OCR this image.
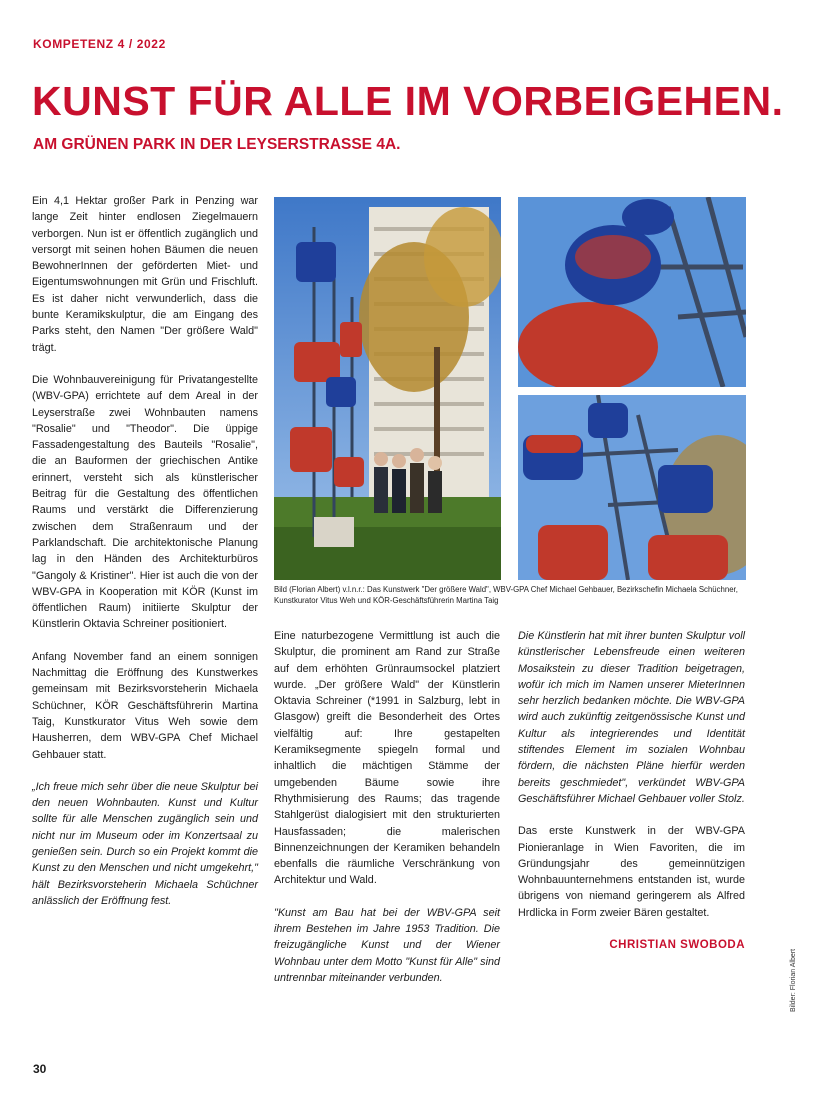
KOMPETENZ 4 / 2022
KUNST FÜR ALLE IM VORBEIGEHEN.
AM GRÜNEN PARK IN DER LEYSERSTRASSE 4A.

Ein 4,1 Hektar großer Park in Penzing war lange Zeit hinter endlosen Ziegelmauern verborgen. Nun ist er öffentlich zugänglich und versorgt mit seinen hohen Bäumen die neuen BewohnerInnen der geförderten Miet- und Eigentumswohnungen mit Grün und Frischluft. Es ist daher nicht verwunderlich, dass die bunte Keramikskulptur, die am Eingang des Parks steht, den Namen "Der größere Wald" trägt.

Die Wohnbauvereinigung für Privatangestellte (WBV-GPA) errichtete auf dem Areal in der Leyserstraße zwei Wohnbauten namens "Rosalie" und "Theodor". Die üppige Fassadengestaltung des Bauteils "Rosalie", die an Bauformen der griechischen Antike erinnert, versteht sich als künstlerischer Beitrag für die Gestaltung des öffentlichen Raums und verstärkt die Differenzierung zwischen dem Straßenraum und der Parklandschaft. Die architektonische Planung lag in den Händen des Architekturbüros "Gangoly & Kristiner". Hier ist auch die von der WBV-GPA in Kooperation mit KÖR (Kunst im öffentlichen Raum) initiierte Skulptur der Künstlerin Oktavia Schreiner positioniert.

Anfang November fand an einem sonnigen Nachmittag die Eröffnung des Kunstwerkes gemeinsam mit Bezirksvorsteherin Michaela Schüchner, KÖR Geschäftsführerin Martina Taig, Kunstkurator Vitus Weh sowie dem Hausherren, dem WBV-GPA Chef Michael Gehbauer statt.

„Ich freue mich sehr über die neue Skulptur bei den neuen Wohnbauten. Kunst und Kultur sollte für alle Menschen zugänglich sein und nicht nur im Museum oder im Konzertsaal zu genießen sein. Durch so ein Projekt kommt die Kunst zu den Menschen und nicht umgekehrt," hält Bezirksvorsteherin Michaela Schüchner anlässlich der Eröffnung fest.

Bild (Florian Albert) v.l.n.r.: Das Kunstwerk "Der größere Wald", WBV-GPA Chef Michael Gehbauer, Bezirkschefin Michaela Schüchner, Kunstkurator Vitus Weh und KÖR-Geschäftsführerin Martina Taig

Eine naturbezogene Vermittlung ist auch die Skulptur, die prominent am Rand zur Straße auf dem erhöhten Grünraumsockel platziert wurde. „Der größere Wald" der Künstlerin Oktavia Schreiner (*1991 in Salzburg, lebt in Glasgow) greift die Besonderheit des Ortes vielfältig auf: Ihre gestapelten Keramiksegmente spiegeln formal und inhaltlich die mächtigen Stämme der umgebenden Bäume sowie ihre Rhythmisierung des Raums; das tragende Stahlgerüst dialogisiert mit den strukturierten Hausfassaden; die malerischen Binnenzeichnungen der Keramiken behandeln ebenfalls die räumliche Verschränkung von Architektur und Wald.

"Kunst am Bau hat bei der WBV-GPA seit ihrem Bestehen im Jahre 1953 Tradition. Die freizugängliche Kunst und der Wiener Wohnbau unter dem Motto "Kunst für Alle" sind untrennbar miteinander verbunden.

Die Künstlerin hat mit ihrer bunten Skulptur voll künstlerischer Lebensfreude einen weiteren Mosaikstein zu dieser Tradition beigetragen, wofür ich mich im Namen unserer MieterInnen sehr herzlich bedanken möchte. Die WBV-GPA wird auch zukünftig zeitgenössische Kunst und Kultur als integrierendes und Identität stiftendes Element im sozialen Wohnbau fördern, die nächsten Pläne hierfür werden bereits geschmiedet", verkündet WBV-GPA Geschäftsführer Michael Gehbauer voller Stolz.

Das erste Kunstwerk in der WBV-GPA Pionieranlage in Wien Favoriten, die im Gründungsjahr des gemeinnützigen Wohnbauunternehmens entstanden ist, wurde übrigens von niemand geringerem als Alfred Hrdlicka in Form zweier Bären gestaltet.

CHRISTIAN SWOBODA
Bilder: Florian Albert
30
